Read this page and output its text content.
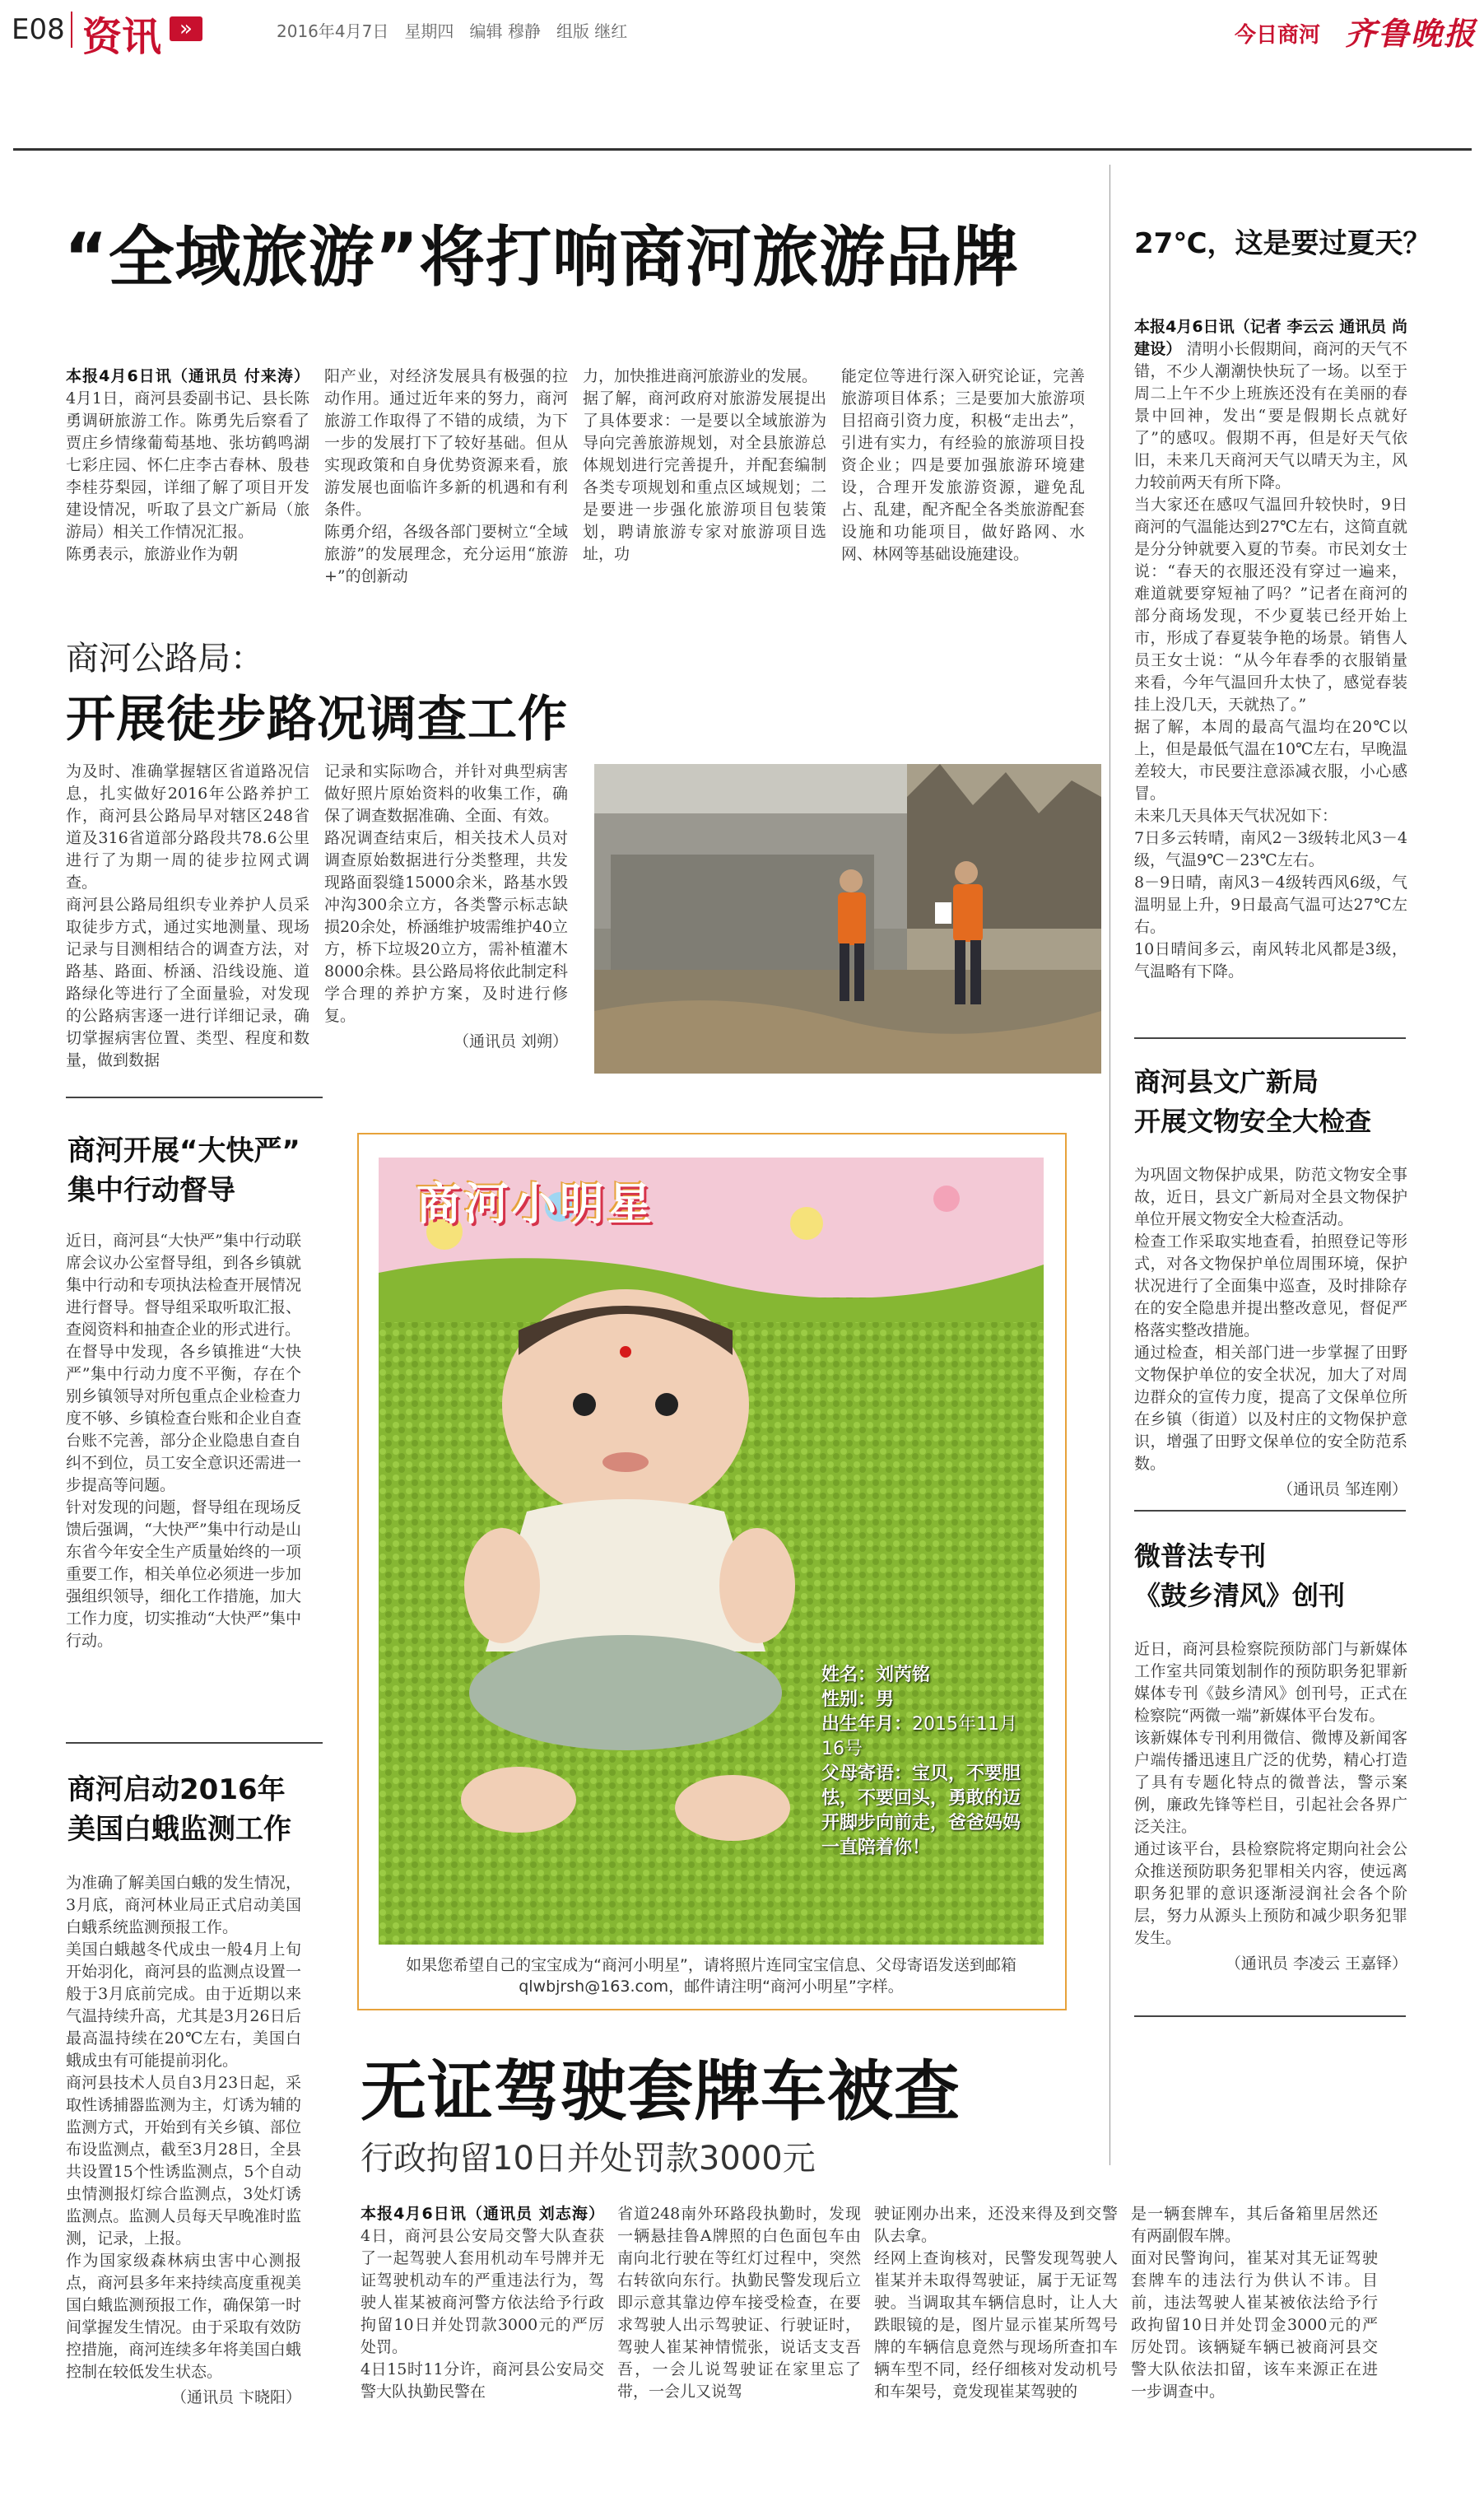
E08 资讯 »	2016年4月7日 星期四 编辑 穆静 组版 继红	今日商河 齐鲁晚报
“全域旅游”将打响商河旅游品牌
本报4月6日讯（通讯员 付来涛） 4月1日，商河县委副书记、县长陈勇调研旅游工作。陈勇先后察看了贾庄乡情缘葡萄基地、张坊鹤鸣湖七彩庄园、怀仁庄李古春林、殷巷李桂芬梨园，详细了解了项目开发建设情况，听取了县文广新局（旅游局）相关工作情况汇报。
陈勇表示，旅游业作为朝
阳产业，对经济发展具有极强的拉动作用。通过近年来的努力，商河旅游工作取得了不错的成绩，为下一步的发展打下了较好基础。但从实现政策和自身优势资源来看，旅游发展也面临许多新的机遇和有利条件。
陈勇介绍，各级各部门要树立“全域旅游”的发展理念，充分运用“旅游+”的创新动
力，加快推进商河旅游业的发展。
据了解，商河政府对旅游发展提出了具体要求：一是要以全域旅游为导向完善旅游规划，对全县旅游总体规划进行完善提升，并配套编制各类专项规划和重点区域规划；二是要进一步强化旅游项目包装策划，聘请旅游专家对旅游项目选址，功
能定位等进行深入研究论证，完善旅游项目体系；三是要加大旅游项目招商引资力度，积极“走出去”，引进有实力，有经验的旅游项目投资企业；四是要加强旅游环境建设，合理开发旅游资源，避免乱占、乱建，配齐配全各类旅游配套设施和功能项目，做好路网、水网、林网等基础设施建设。
商河公路局：
开展徒步路况调查工作
为及时、准确掌握辖区省道路况信息，扎实做好2016年公路养护工作，商河县公路局早对辖区248省道及316省道部分路段共78.6公里进行了为期一周的徒步拉网式调查。
商河县公路局组织专业养护人员采取徒步方式，通过实地测量、现场记录与目测相结合的调查方法，对路基、路面、桥涵、沿线设施、道路绿化等进行了全面量验，对发现的公路病害逐一进行详细记录，确切掌握病害位置、类型、程度和数量，做到数据
记录和实际吻合，并针对典型病害做好照片原始资料的收集工作，确保了调查数据准确、全面、有效。
路况调查结束后，相关技术人员对调查原始数据进行分类整理，共发现路面裂缝15000余米，路基水毁冲沟300余立方，各类警示标志缺损20余处，桥涵维护坡需维护40立方，桥下垃圾20立方，需补植灌木8000余株。县公路局将依此制定科学合理的养护方案，及时进行修复。
（通讯员 刘朔）
商河开展“大快严”
集中行动督导
近日，商河县“大快严”集中行动联席会议办公室督导组，到各乡镇就集中行动和专项执法检查开展情况进行督导。督导组采取听取汇报、查阅资料和抽查企业的形式进行。
在督导中发现，各乡镇推进“大快严”集中行动力度不平衡，存在个别乡镇领导对所包重点企业检查力度不够、乡镇检查台账和企业自查台账不完善，部分企业隐患自查自纠不到位，员工安全意识还需进一步提高等问题。
针对发现的问题，督导组在现场反馈后强调，“大快严”集中行动是山东省今年安全生产质量始终的一项重要工作，相关单位必须进一步加强组织领导，细化工作措施，加大工作力度，切实推动“大快严”集中行动。
商河启动2016年
美国白蛾监测工作
为准确了解美国白蛾的发生情况，3月底，商河林业局正式启动美国白蛾系统监测预报工作。
美国白蛾越冬代成虫一般4月上旬开始羽化，商河县的监测点设置一般于3月底前完成。由于近期以来气温持续升高，尤其是3月26日后最高温持续在20℃左右，美国白蛾成虫有可能提前羽化。
商河县技术人员自3月23日起，采取性诱捕器监测为主，灯诱为辅的监测方式，开始到有关乡镇、部位布设监测点，截至3月28日，全县共设置15个性诱监测点，5个自动虫情测报灯综合监测点，3处灯诱监测点。监测人员每天早晚准时监测，记录，上报。
作为国家级森林病虫害中心测报点，商河县多年来持续高度重视美国白蛾监测预报工作，确保第一时间掌握发生情况。由于采取有效防控措施，商河连续多年将美国白蛾控制在较低发生状态。
（通讯员 卞晓阳）
商河小明星
姓名：刘芮铭
性别：男
出生年月：2015年11月16号
父母寄语：宝贝，不要胆怯，不要回头，勇敢的迈开脚步向前走，爸爸妈妈一直陪着你！
如果您希望自己的宝宝成为“商河小明星”，请将照片连同宝宝信息、父母寄语发送到邮箱qlwbjrsh@163.com，邮件请注明“商河小明星”字样。
无证驾驶套牌车被查
行政拘留10日并处罚款3000元
本报4月6日讯（通讯员 刘志海） 4日，商河县公安局交警大队查获了一起驾驶人套用机动车号牌并无证驾驶机动车的严重违法行为，驾驶人崔某被商河警方依法给予行政拘留10日并处罚款3000元的严厉处罚。
4日15时11分许，商河县公安局交警大队执勤民警在
省道248南外环路段执勤时，发现一辆悬挂鲁A牌照的白色面包车由南向北行驶在等红灯过程中，突然右转欲向东行。执勤民警发现后立即示意其靠边停车接受检查，在要求驾驶人出示驾驶证、行驶证时，驾驶人崔某神情慌张，说话支支吾吾，一会儿说驾驶证在家里忘了带，一会儿又说驾
驶证刚办出来，还没来得及到交警队去拿。
经网上查询核对，民警发现驾驶人崔某并未取得驾驶证，属于无证驾驶。当调取其车辆信息时，让人大跌眼镜的是，图片显示崔某所驾号牌的车辆信息竟然与现场所查扣车辆车型不同，经仔细核对发动机号和车架号，竟发现崔某驾驶的
是一辆套牌车，其后备箱里居然还有两副假车牌。
面对民警询问，崔某对其无证驾驶套牌车的违法行为供认不讳。目前，违法驾驶人崔某被依法给予行政拘留10日并处罚金3000元的严厉处罚。该辆疑车辆已被商河县交警大队依法扣留，该车来源正在进一步调查中。
27℃，这是要过夏天？
本报4月6日讯（记者 李云云 通讯员 尚建设） 清明小长假期间，商河的天气不错，不少人潮潮快快玩了一场。以至于周二上午不少上班族还没有在美丽的春景中回神，发出“要是假期长点就好了”的感叹。假期不再，但是好天气依旧，未来几天商河天气以晴天为主，风力较前两天有所下降。
当大家还在感叹气温回升较快时，9日商河的气温能达到27℃左右，这简直就是分分钟就要入夏的节奏。市民刘女士说：“春天的衣服还没有穿过一遍来，难道就要穿短袖了吗？”记者在商河的部分商场发现，不少夏装已经开始上市，形成了春夏装争艳的场景。销售人员王女士说：“从今年春季的衣服销量来看，今年气温回升太快了，感觉春装挂上没几天，天就热了。”
据了解，本周的最高气温均在20℃以上，但是最低气温在10℃左右，早晚温差较大，市民要注意添减衣服，小心感冒。
未来几天具体天气状况如下：
7日多云转晴，南风2－3级转北风3－4级，气温9℃－23℃左右。
8－9日晴，南风3－4级转西风6级，气温明显上升，9日最高气温可达27℃左右。
10日晴间多云，南风转北风都是3级，气温略有下降。
商河县文广新局
开展文物安全大检查
为巩固文物保护成果，防范文物安全事故，近日，县文广新局对全县文物保护单位开展文物安全大检查活动。
检查工作采取实地查看，拍照登记等形式，对各文物保护单位周围环境，保护状况进行了全面集中巡查，及时排除存在的安全隐患并提出整改意见，督促严格落实整改措施。
通过检查，相关部门进一步掌握了田野文物保护单位的安全状况，加大了对周边群众的宣传力度，提高了文保单位所在乡镇（街道）以及村庄的文物保护意识，增强了田野文保单位的安全防范系数。
（通讯员 邹连刚）
微普法专刊
《鼓乡清风》创刊
近日，商河县检察院预防部门与新媒体工作室共同策划制作的预防职务犯罪新媒体专刊《鼓乡清风》创刊号，正式在检察院“两微一端”新媒体平台发布。
该新媒体专刊利用微信、微博及新闻客户端传播迅速且广泛的优势，精心打造了具有专题化特点的微普法，警示案例，廉政先锋等栏目，引起社会各界广泛关注。
通过该平台，县检察院将定期向社会公众推送预防职务犯罪相关内容，使远离职务犯罪的意识逐渐浸润社会各个阶层，努力从源头上预防和减少职务犯罪发生。
（通讯员 李凌云 王嘉铎）
